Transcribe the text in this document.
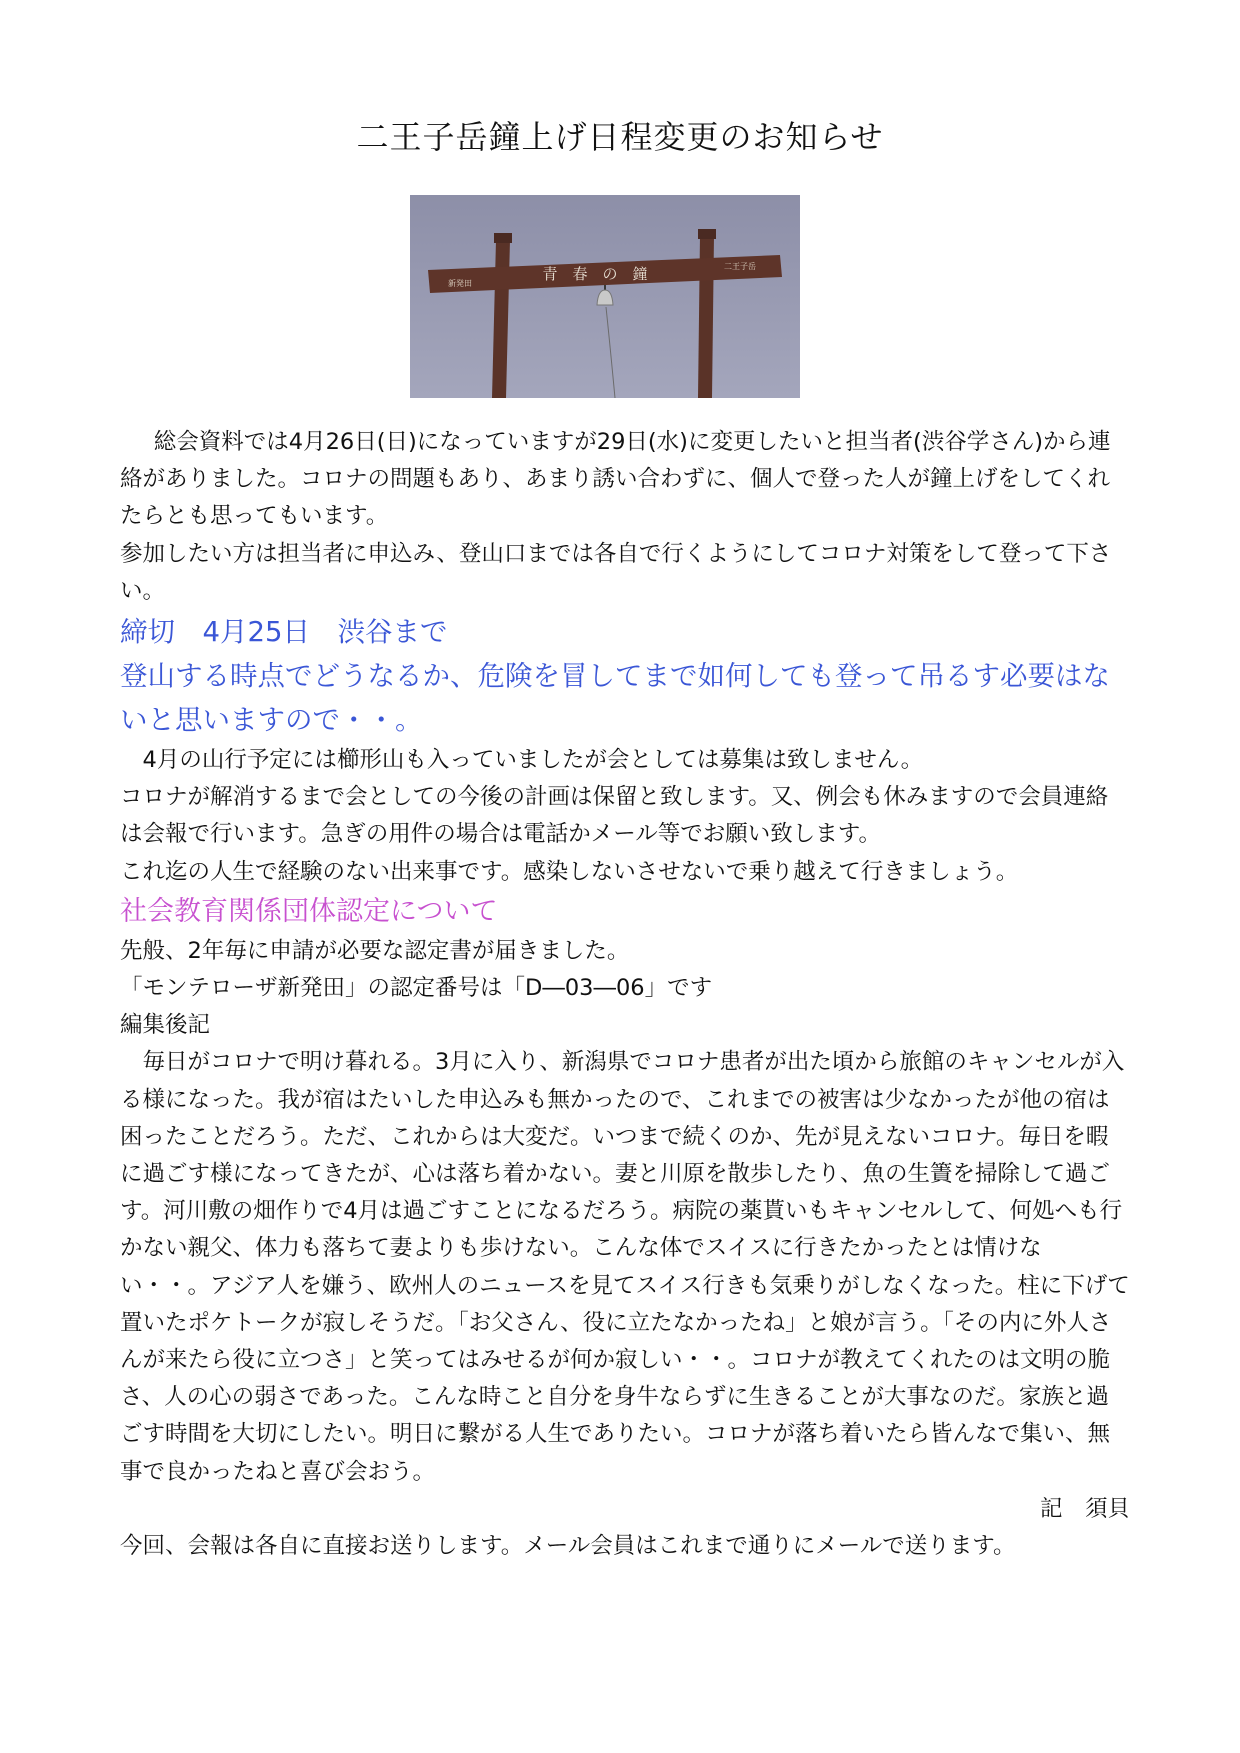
二王子岳鐘上げ日程変更のお知らせ
青　春　の　鐘
新発田
二王子岳

総会資料では4月26日(日)になっていますが29日(水)に変更したいと担当者(渋谷学さん)から連絡がありました。コロナの問題もあり、あまり誘い合わずに、個人で登った人が鐘上げをしてくれたらとも思ってもいます。

参加したい方は担当者に申込み、登山口までは各自で行くようにしてコロナ対策をして登って下さい。

締切　4月25日　渋谷まで

登山する時点でどうなるか、危険を冒してまで如何しても登って吊るす必要はないと思いますので・・。

4月の山行予定には櫛形山も入っていましたが会としては募集は致しません。

コロナが解消するまで会としての今後の計画は保留と致します。又、例会も休みますので会員連絡は会報で行います。急ぎの用件の場合は電話かメール等でお願い致します。

これ迄の人生で経験のない出来事です。感染しないさせないで乗り越えて行きましょう。

社会教育関係団体認定について

先般、2年毎に申請が必要な認定書が届きました。

「モンテローザ新発田」の認定番号は「D―03―06」です

編集後記

毎日がコロナで明け暮れる。3月に入り、新潟県でコロナ患者が出た頃から旅館のキャンセルが入る様になった。我が宿はたいした申込みも無かったので、これまでの被害は少なかったが他の宿は困ったことだろう。ただ、これからは大変だ。いつまで続くのか、先が見えないコロナ。毎日を暇に過ごす様になってきたが、心は落ち着かない。妻と川原を散歩したり、魚の生簀を掃除して過ごす。河川敷の畑作りで4月は過ごすことになるだろう。病院の薬貰いもキャンセルして、何処へも行かない親父、体力も落ちて妻よりも歩けない。こんな体でスイスに行きたかったとは情けない・・。アジア人を嫌う、欧州人のニュースを見てスイス行きも気乗りがしなくなった。柱に下げて置いたポケトークが寂しそうだ。「お父さん、役に立たなかったね」と娘が言う。「その内に外人さんが来たら役に立つさ」と笑ってはみせるが何か寂しい・・。コロナが教えてくれたのは文明の脆さ、人の心の弱さであった。こんな時こと自分を身牛ならずに生きることが大事なのだ。家族と過ごす時間を大切にしたい。明日に繋がる人生でありたい。コロナが落ち着いたら皆んなで集い、無事で良かったねと喜び会おう。

記　須貝

今回、会報は各自に直接お送りします。メール会員はこれまで通りにメールで送ります。
